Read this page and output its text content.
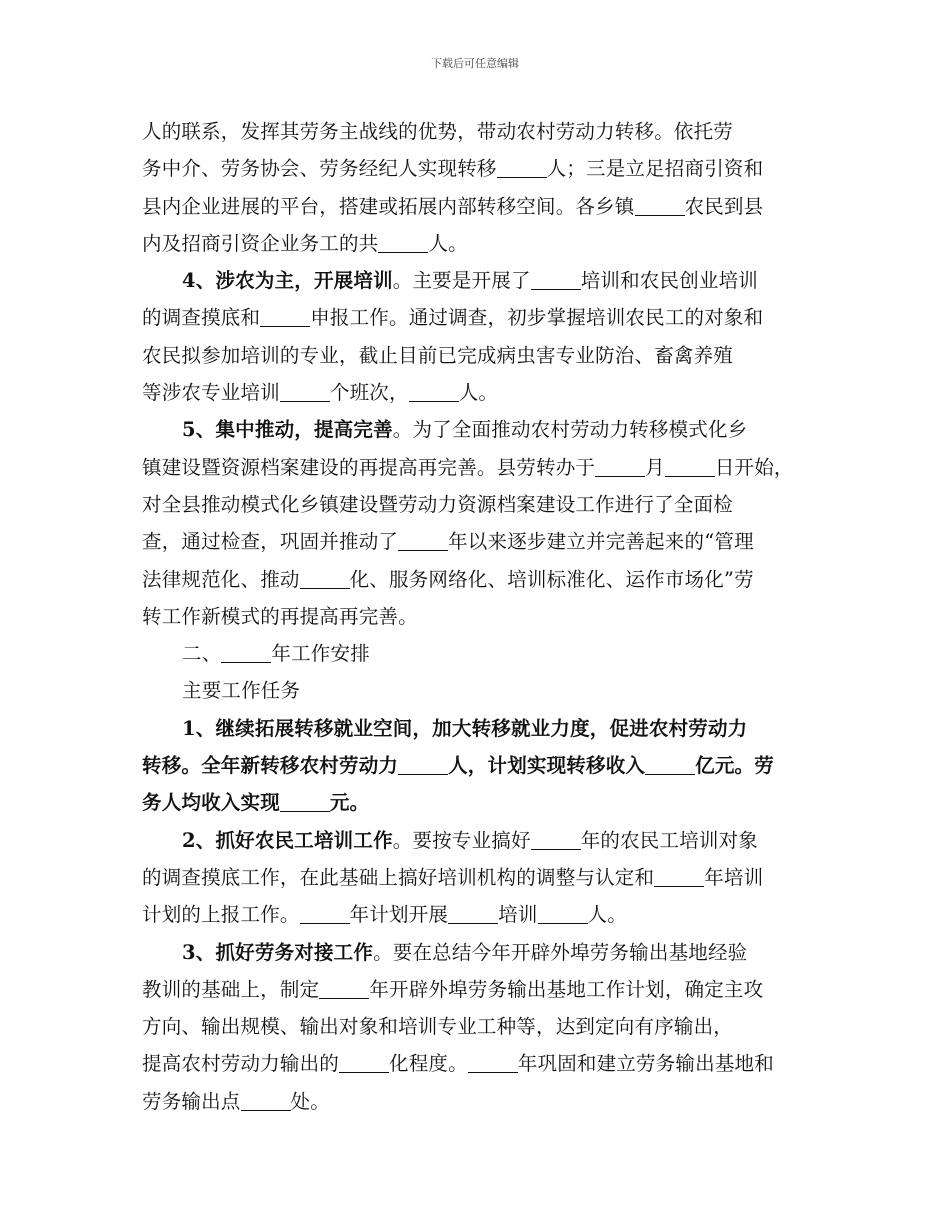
下载后可任意编辑
人的联系，发挥其劳务主战线的优势，带动农村劳动力转移。依托劳
务中介、劳务协会、劳务经纪人实现转移	人；三是立足招商引资和
县内企业进展的平台，搭建或拓展内部转移空间。各乡镇	农民到县
内及招商引资企业务工的共	人。
4、涉农为主，开展培训。主要是开展了	培训和农民创业培训
的调查摸底和	申报工作。通过调查，初步掌握培训农民工的对象和
农民拟参加培训的专业，截止目前已完成病虫害专业防治、畜禽养殖
等涉农专业培训	个班次，	人。
5、集中推动，提高完善。为了全面推动农村劳动力转移模式化乡
镇建设暨资源档案建设的再提高再完善。县劳转办于	月	日开始，
对全县推动模式化乡镇建设暨劳动力资源档案建设工作进行了全面检
查，通过检查，巩固并推动了	年以来逐步建立并完善起来的“管理
法律规范化、推动	化、服务网络化、培训标准化、运作市场化”劳
转工作新模式的再提高再完善。
二、	年工作安排
主要工作任务
1、继续拓展转移就业空间，加大转移就业力度，促进农村劳动力
转移。全年新转移农村劳动力	人，计划实现转移收入	亿元。劳
务人均收入实现	元。
2、抓好农民工培训工作。要按专业搞好	年的农民工培训对象
的调查摸底工作，在此基础上搞好培训机构的调整与认定和	年培训
计划的上报工作。	年计划开展	培训	人。
3、抓好劳务对接工作。要在总结今年开辟外埠劳务输出基地经验
教训的基础上，制定	年开辟外埠劳务输出基地工作计划，确定主攻
方向、输出规模、输出对象和培训专业工种等，达到定向有序输出，
提高农村劳动力输出的	化程度。	年巩固和建立劳务输出基地和
劳务输出点	处。
